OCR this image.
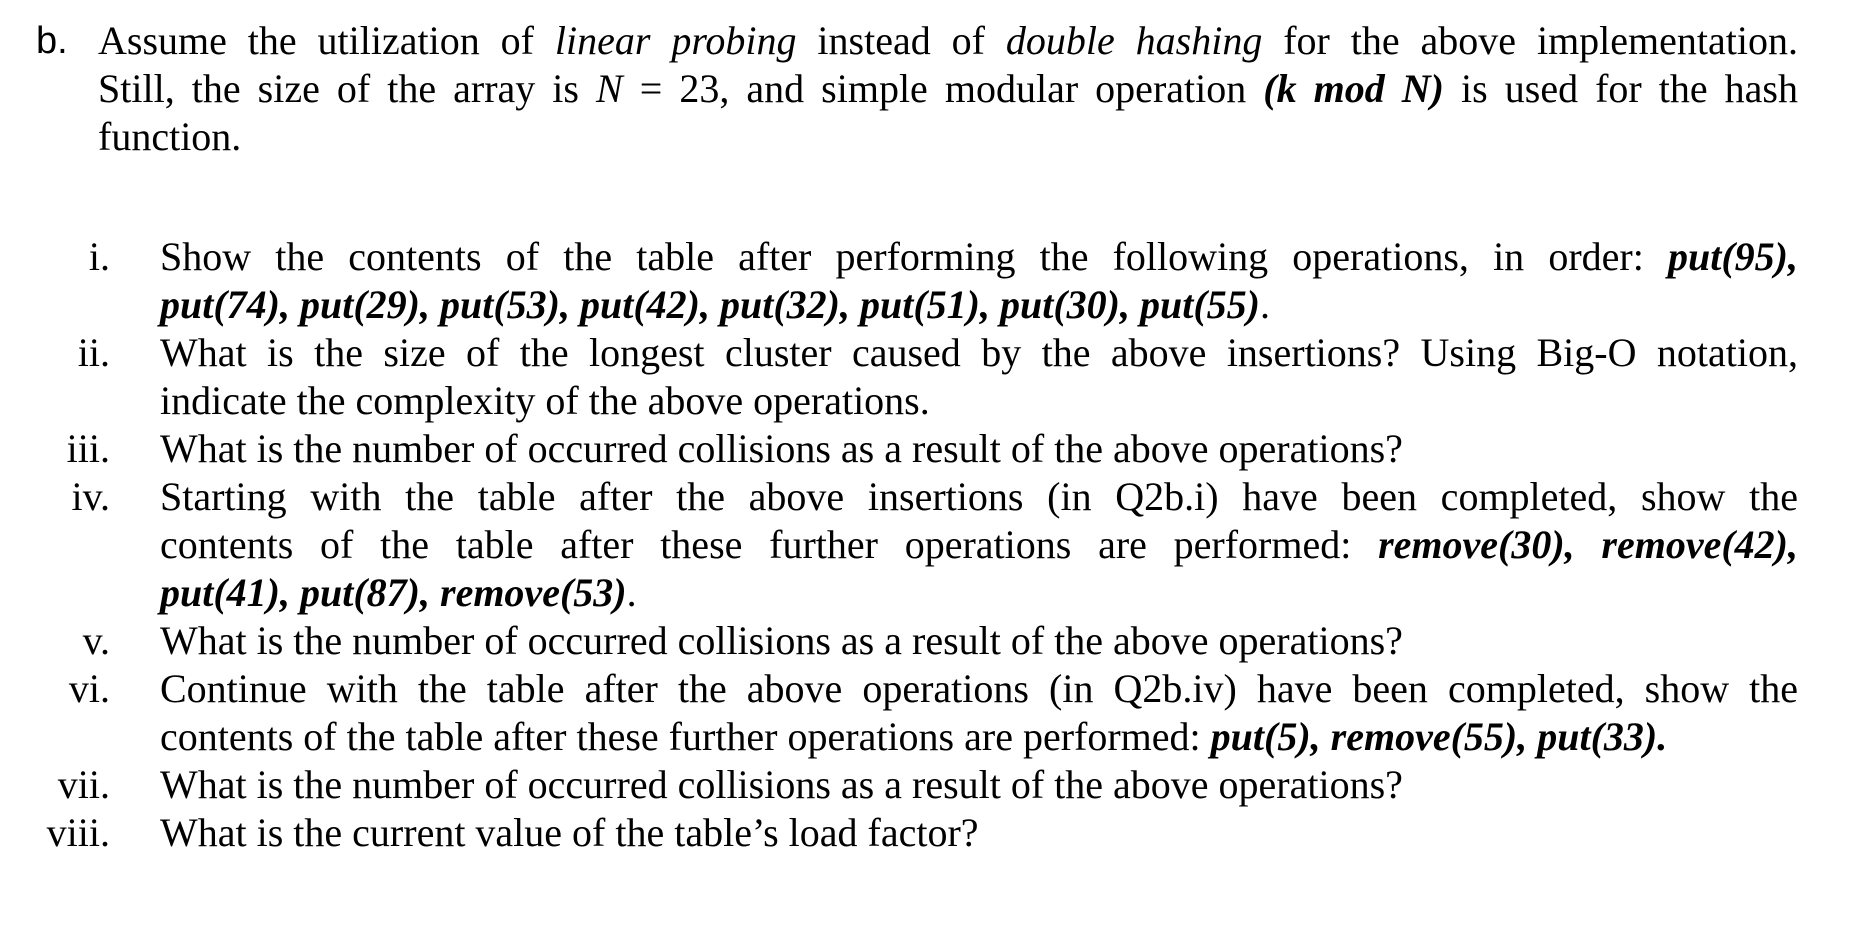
b. Assume the utilization of linear probing instead of double hashing for the above implementation.
Still, the size of the array is N = 23, and simple modular operation (k mod N) is used for the hash
function.
i. Show the contents of the table after performing the following operations, in order: put(95),
put(74), put(29), put(53), put(42), put(32), put(51), put(30), put(55).
ii. What is the size of the longest cluster caused by the above insertions? Using Big-O notation,
indicate the complexity of the above operations.
iii. What is the number of occurred collisions as a result of the above operations?
iv. Starting with the table after the above insertions (in Q2b.i) have been completed, show the
contents of the table after these further operations are performed: remove(30), remove(42),
put(41), put(87), remove(53).
v. What is the number of occurred collisions as a result of the above operations?
vi. Continue with the table after the above operations (in Q2b.iv) have been completed, show the
contents of the table after these further operations are performed: put(5), remove(55), put(33).
vii. What is the number of occurred collisions as a result of the above operations?
viii. What is the current value of the table’s load factor?
